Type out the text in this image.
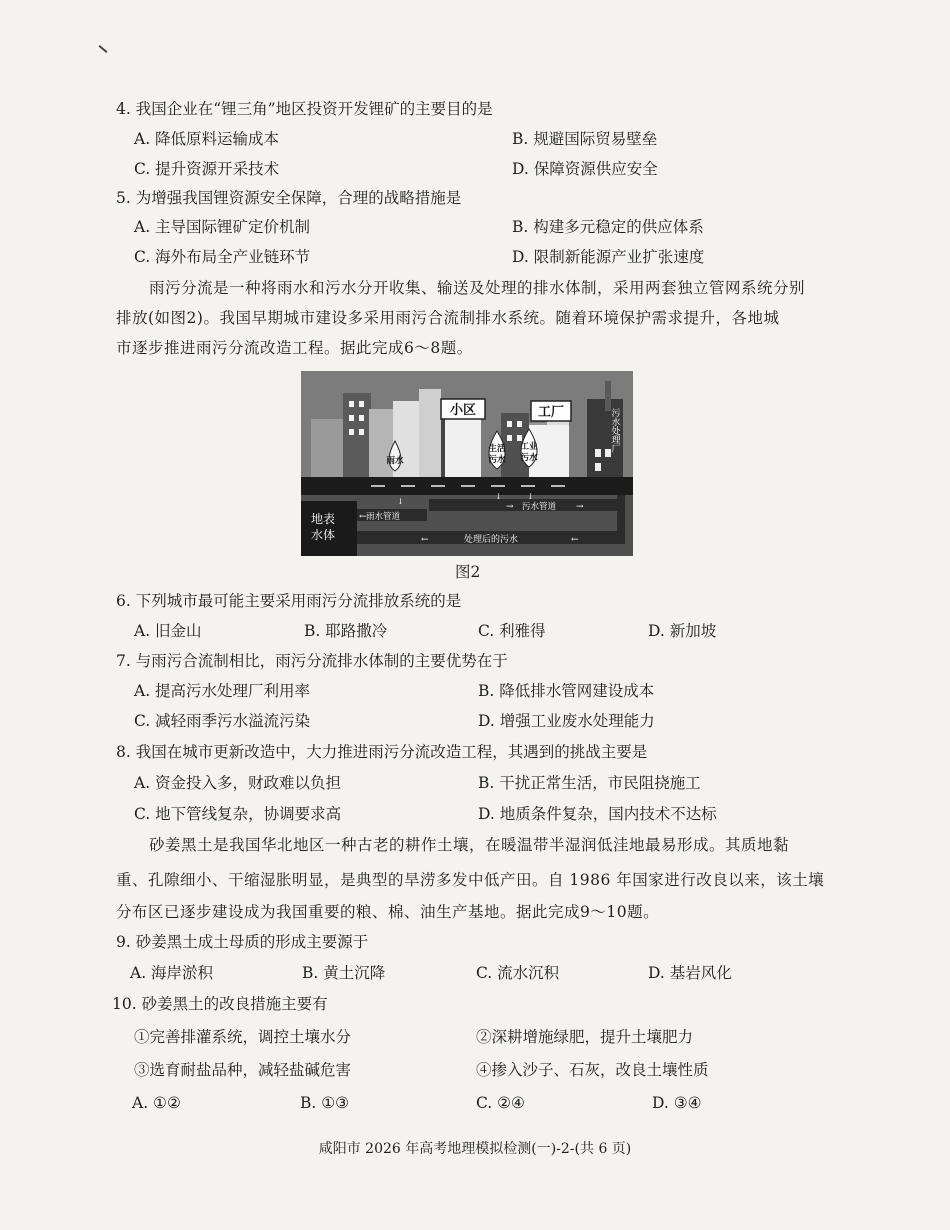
4. 我国企业在“锂三角”地区投资开发锂矿的主要目的是
A. 降低原料运输成本	B. 规避国际贸易壁垒
C. 提升资源开采技术	D. 保障资源供应安全
5. 为增强我国锂资源安全保障，合理的战略措施是
A. 主导国际锂矿定价机制	B. 构建多元稳定的供应体系
C. 海外布局全产业链环节	D. 限制新能源产业扩张速度
雨污分流是一种将雨水和污水分开收集、输送及处理的排水体制，采用两套独立管网系统分别
排放(如图2)。我国早期城市建设多采用雨污合流制排水系统。随着环境保护需求提升，各地城
市逐步推进雨污分流改造工程。据此完成6～8题。
小区	工厂 污水处理厂
雨水
生活
污水
工业
污水
污水管道
→	→
雨水管道
←
处理后的污水
←	←
↓
↓	↓
地表
水体
图2
6. 下列城市最可能主要采用雨污分流排放系统的是
A. 旧金山	B. 耶路撒冷	C. 利雅得	D. 新加坡
7. 与雨污合流制相比，雨污分流排水体制的主要优势在于
A. 提高污水处理厂利用率	B. 降低排水管网建设成本
C. 减轻雨季污水溢流污染	D. 增强工业废水处理能力
8. 我国在城市更新改造中，大力推进雨污分流改造工程，其遇到的挑战主要是
A. 资金投入多，财政难以负担	B. 干扰正常生活，市民阻挠施工
C. 地下管线复杂，协调要求高	D. 地质条件复杂，国内技术不达标
砂姜黑土是我国华北地区一种古老的耕作土壤，在暖温带半湿润低洼地最易形成。其质地黏
重、孔隙细小、干缩湿胀明显，是典型的旱涝多发中低产田。自 1986 年国家进行改良以来，该土壤
分布区已逐步建设成为我国重要的粮、棉、油生产基地。据此完成9～10题。
9. 砂姜黑土成土母质的形成主要源于
A. 海岸淤积	B. 黄土沉降	C. 流水沉积	D. 基岩风化
10. 砂姜黑土的改良措施主要有
①完善排灌系统，调控土壤水分	②深耕增施绿肥，提升土壤肥力
③选育耐盐品种，减轻盐碱危害	④掺入沙子、石灰，改良土壤性质
A. ①②	B. ①③	C. ②④	D. ③④
咸阳市 2026 年高考地理模拟检测(一)-2-(共 6 页)
